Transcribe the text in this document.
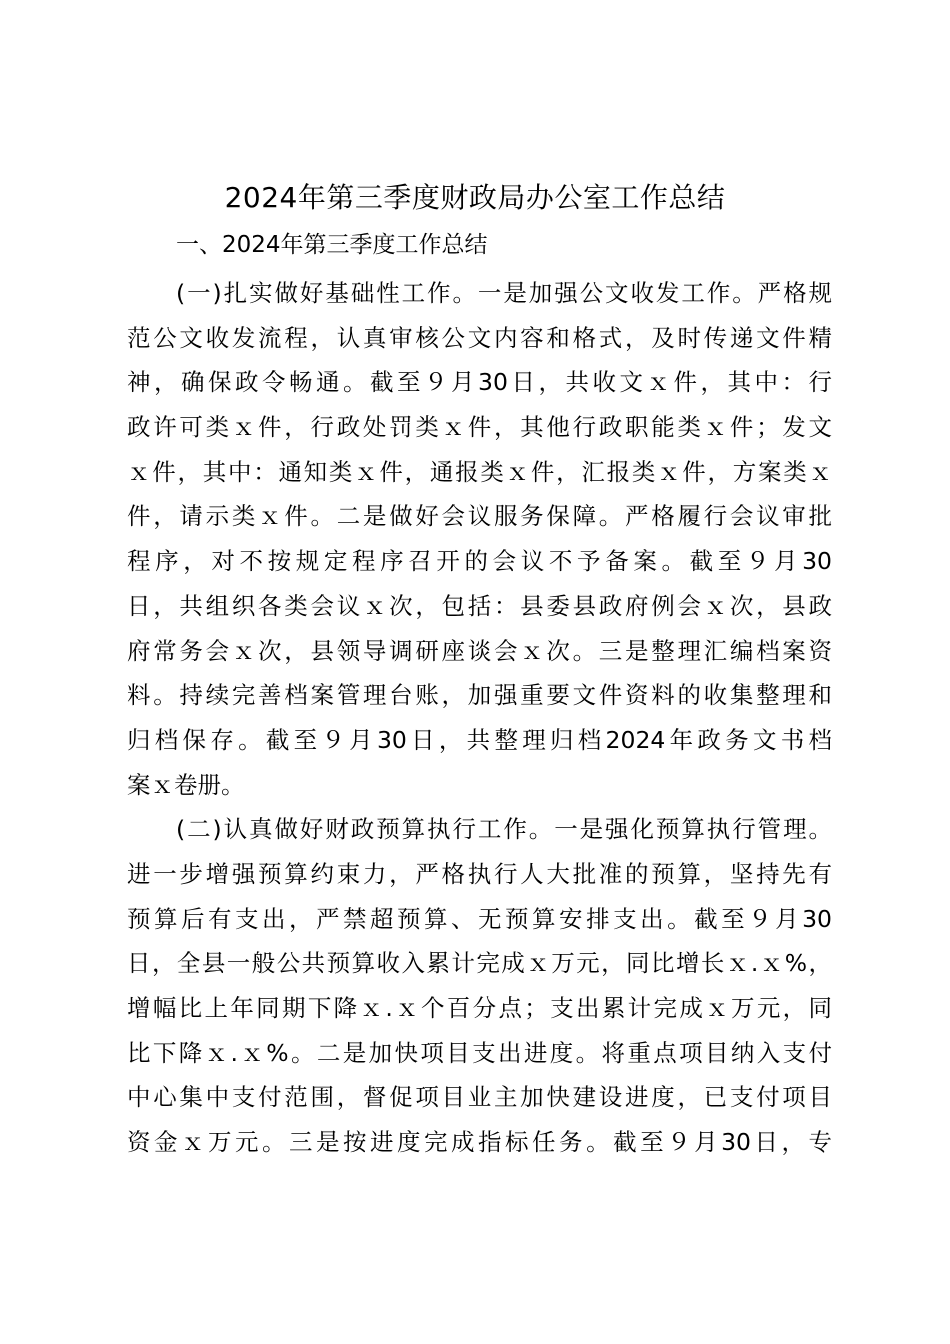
2024年第三季度财政局办公室工作总结
一、2024年第三季度工作总结
(一)扎实做好基础性工作。一是加强公文收发工作。严格规
范公文收发流程，认真审核公文内容和格式，及时传递文件精
神，确保政令畅通。截至９月30日，共收文ｘ件，其中：行
政许可类ｘ件，行政处罚类ｘ件，其他行政职能类ｘ件；发文
ｘ件，其中：通知类ｘ件，通报类ｘ件，汇报类ｘ件，方案类ｘ
件，请示类ｘ件。二是做好会议服务保障。严格履行会议审批
程序，对不按规定程序召开的会议不予备案。截至９月30
日，共组织各类会议ｘ次，包括：县委县政府例会ｘ次，县政
府常务会ｘ次，县领导调研座谈会ｘ次。三是整理汇编档案资
料。持续完善档案管理台账，加强重要文件资料的收集整理和
归档保存。截至９月30日，共整理归档2024年政务文书档
案ｘ卷册。
(二)认真做好财政预算执行工作。一是强化预算执行管理。
进一步增强预算约束力，严格执行人大批准的预算，坚持先有
预算后有支出，严禁超预算、无预算安排支出。截至９月30
日，全县一般公共预算收入累计完成ｘ万元，同比增长ｘ.ｘ%，
增幅比上年同期下降ｘ.ｘ个百分点；支出累计完成ｘ万元，同
比下降ｘ.ｘ%。二是加快项目支出进度。将重点项目纳入支付
中心集中支付范围，督促项目业主加快建设进度，已支付项目
资金ｘ万元。三是按进度完成指标任务。截至９月30日，专
